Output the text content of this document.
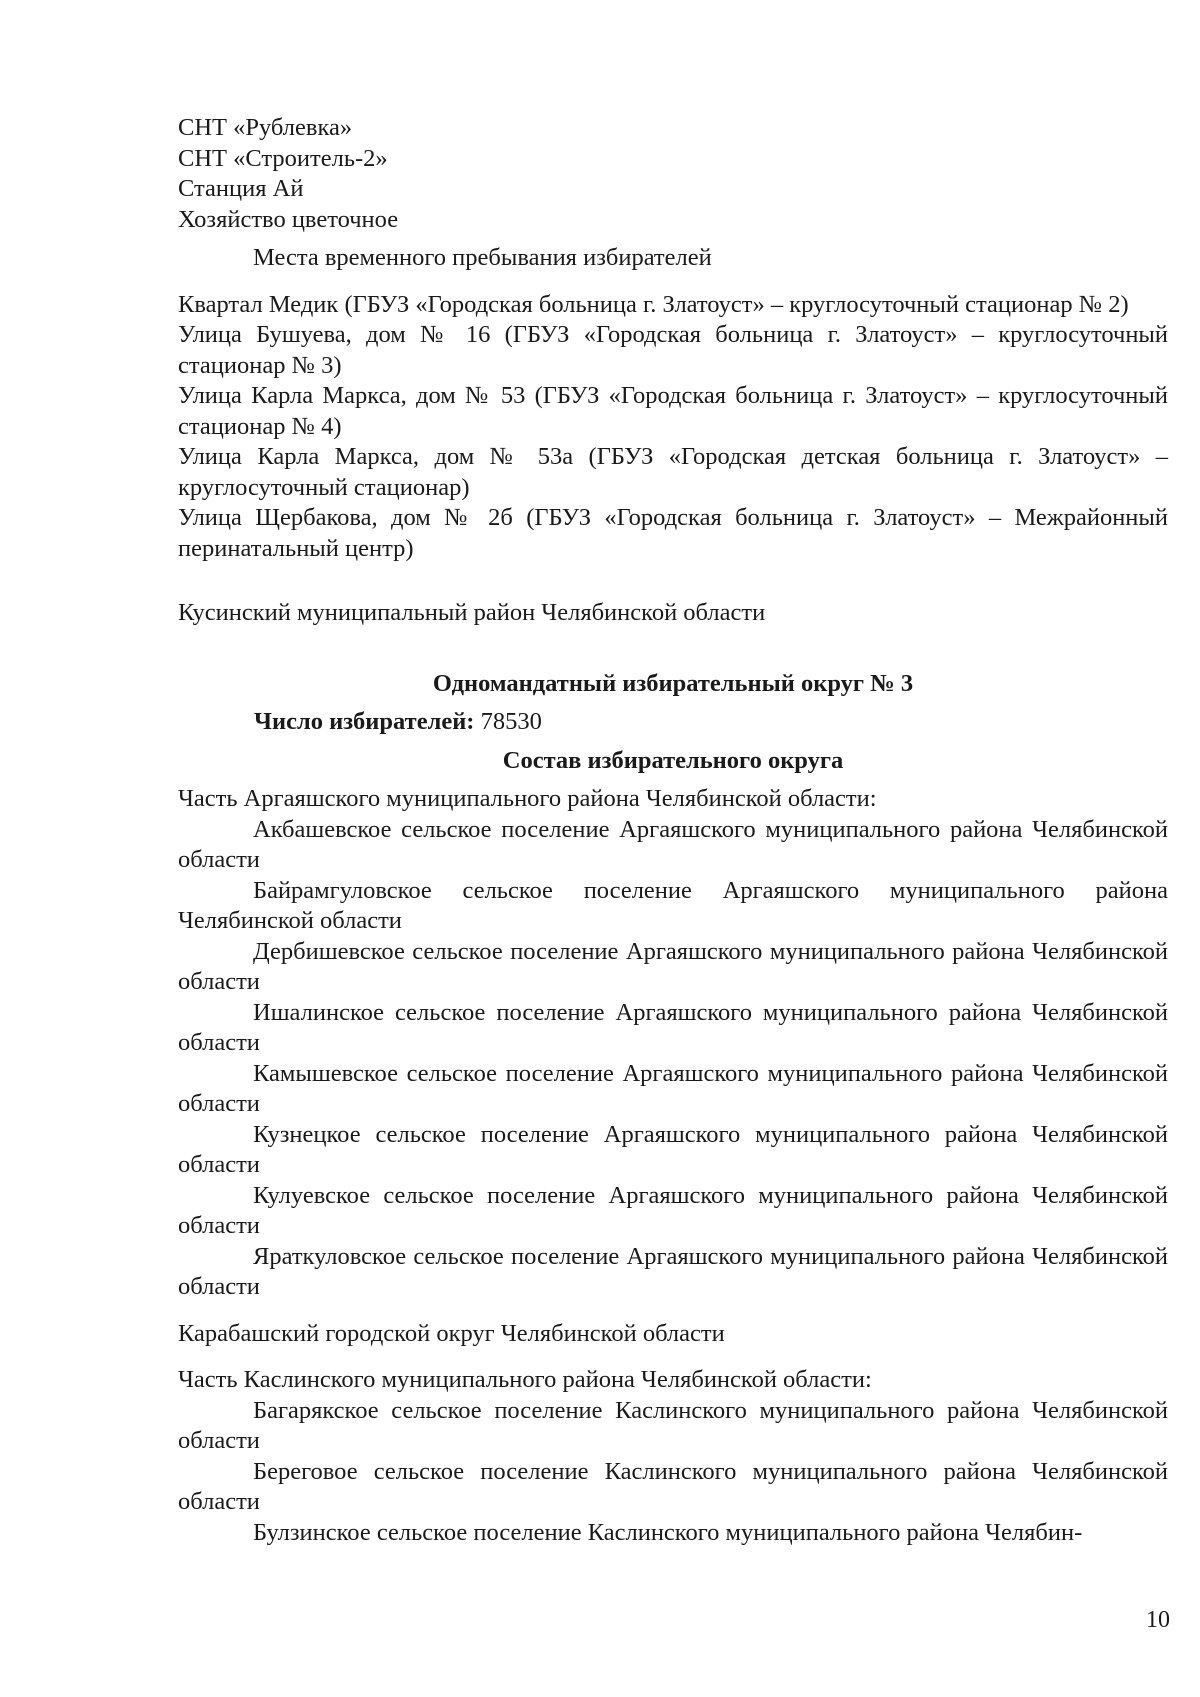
СНТ «Рублевка»
СНТ «Строитель-2»
Станция Ай
Хозяйство цветочное
Места временного пребывания избирателей

Квартал Медик (ГБУЗ «Городская больница г. Златоуст» – круглосуточный стационар № 2)

Улица Бушуева, дом № 16 (ГБУЗ «Городская больница г. Златоуст» – круглосуточный стационар № 3)

Улица Карла Маркса, дом № 53 (ГБУЗ «Городская больница г. Златоуст» – круглосуточный стационар № 4)

Улица Карла Маркса, дом № 53а (ГБУЗ «Городская детская больница г. Златоуст» – круглосуточный стационар)

Улица Щербакова, дом № 2б (ГБУЗ «Городская больница г. Златоуст» – Межрайонный перинатальный центр)

Кусинский муниципальный район Челябинской области
Одномандатный избирательный округ № 3
Число избирателей: 78530
Состав избирательного округа
Часть Аргаяшского муниципального района Челябинской области:

Акбашевское сельское поселение Аргаяшского муниципального района Челябинской области

Байрамгуловское сельское поселение Аргаяшского муниципального района Челябинской области

Дербишевское сельское поселение Аргаяшского муниципального района Челябинской области

Ишалинское сельское поселение Аргаяшского муниципального района Челябинской области

Камышевское сельское поселение Аргаяшского муниципального района Челябинской области

Кузнецкое сельское поселение Аргаяшского муниципального района Челябинской области

Кулуевское сельское поселение Аргаяшского муниципального района Челябинской области

Яраткуловское сельское поселение Аргаяшского муниципального района Челябинской области

Карабашский городской округ Челябинской области
Часть Каслинского муниципального района Челябинской области:

Багарякское сельское поселение Каслинского муниципального района Челябинской области

Береговое сельское поселение Каслинского муниципального района Челябинской области

Булзинское сельское поселение Каслинского муниципального района Челябин-

10
